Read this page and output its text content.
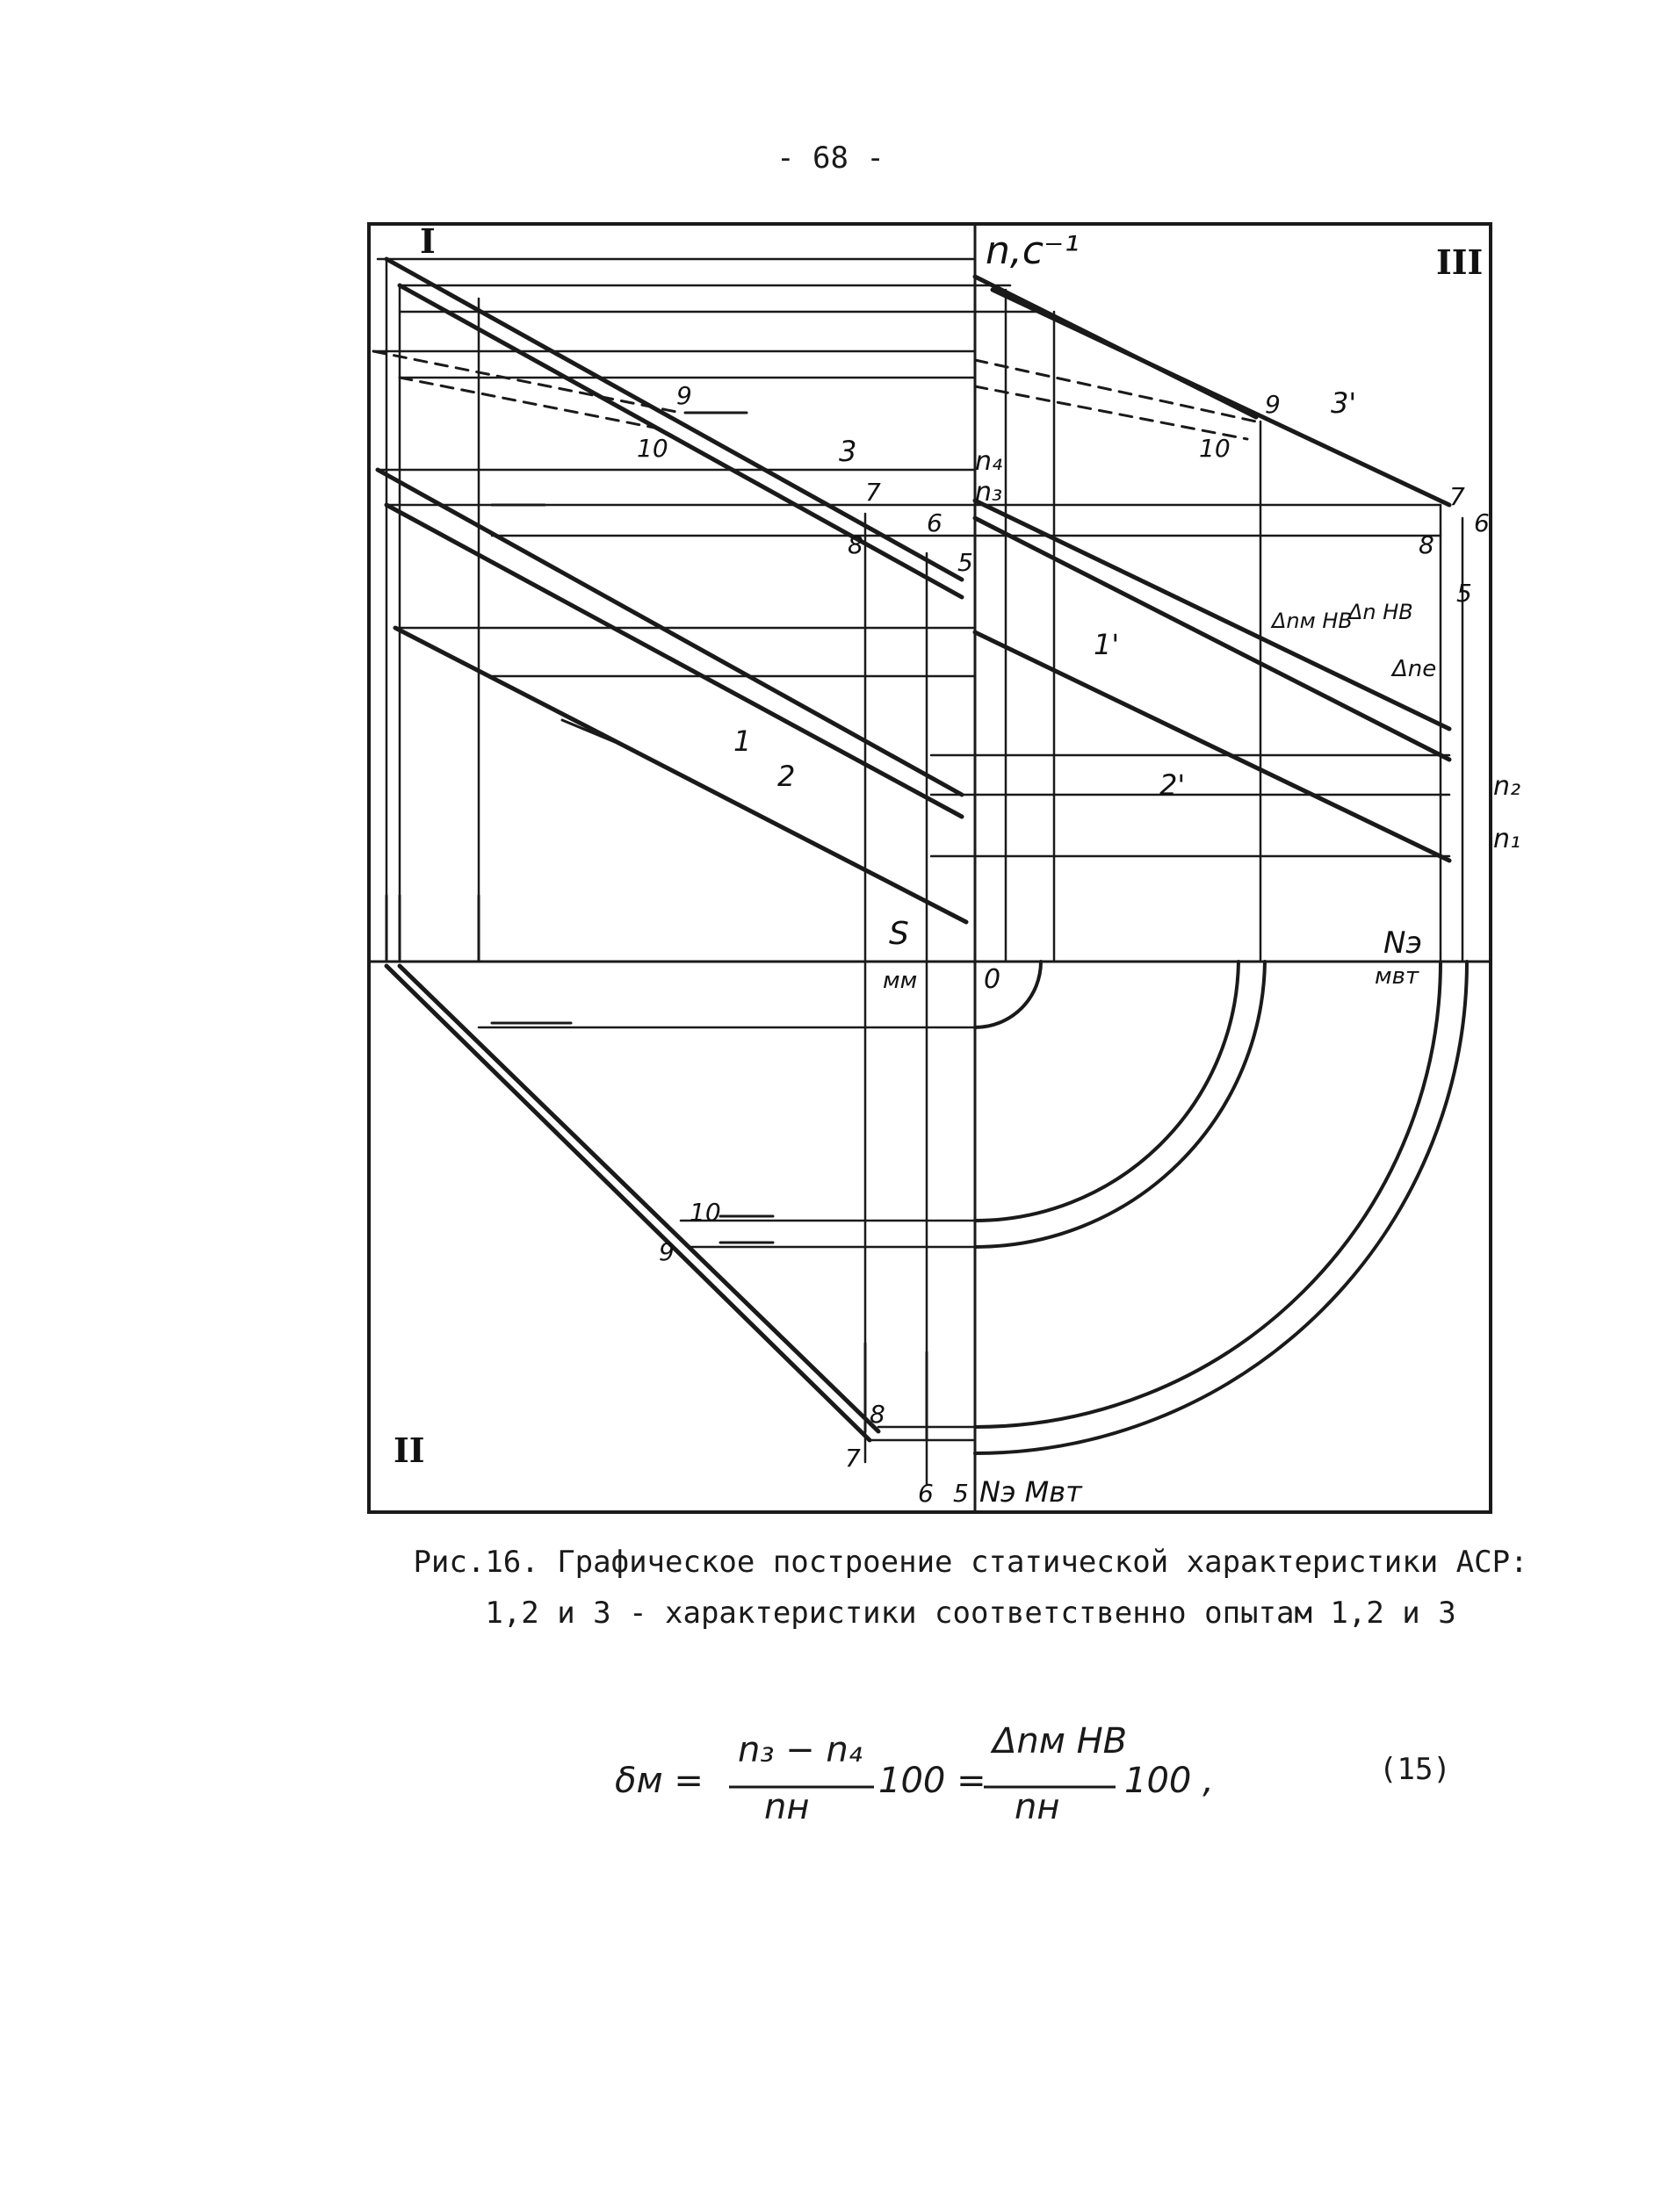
- 68 -
I
II
III
n,c⁻¹
S
мм	0
Nэ
мвт
Nэ Мвт
1
2
3
1'
2'
3'
9
10
7
6
8
5
9
10
7
6
8
5
10
9
8
7
6 5
n₄
n₃
n₂
n₁
Δnм НВ
Δn НВ
Δnе
Рис.16. Графическое построение статической характеристики АСР:
1,2 и 3 - характеристики соответственно опытам 1,2 и 3
δм =
n₃ − n₄
nн
100 =
Δnм НВ
nн
100 ,	(15)
